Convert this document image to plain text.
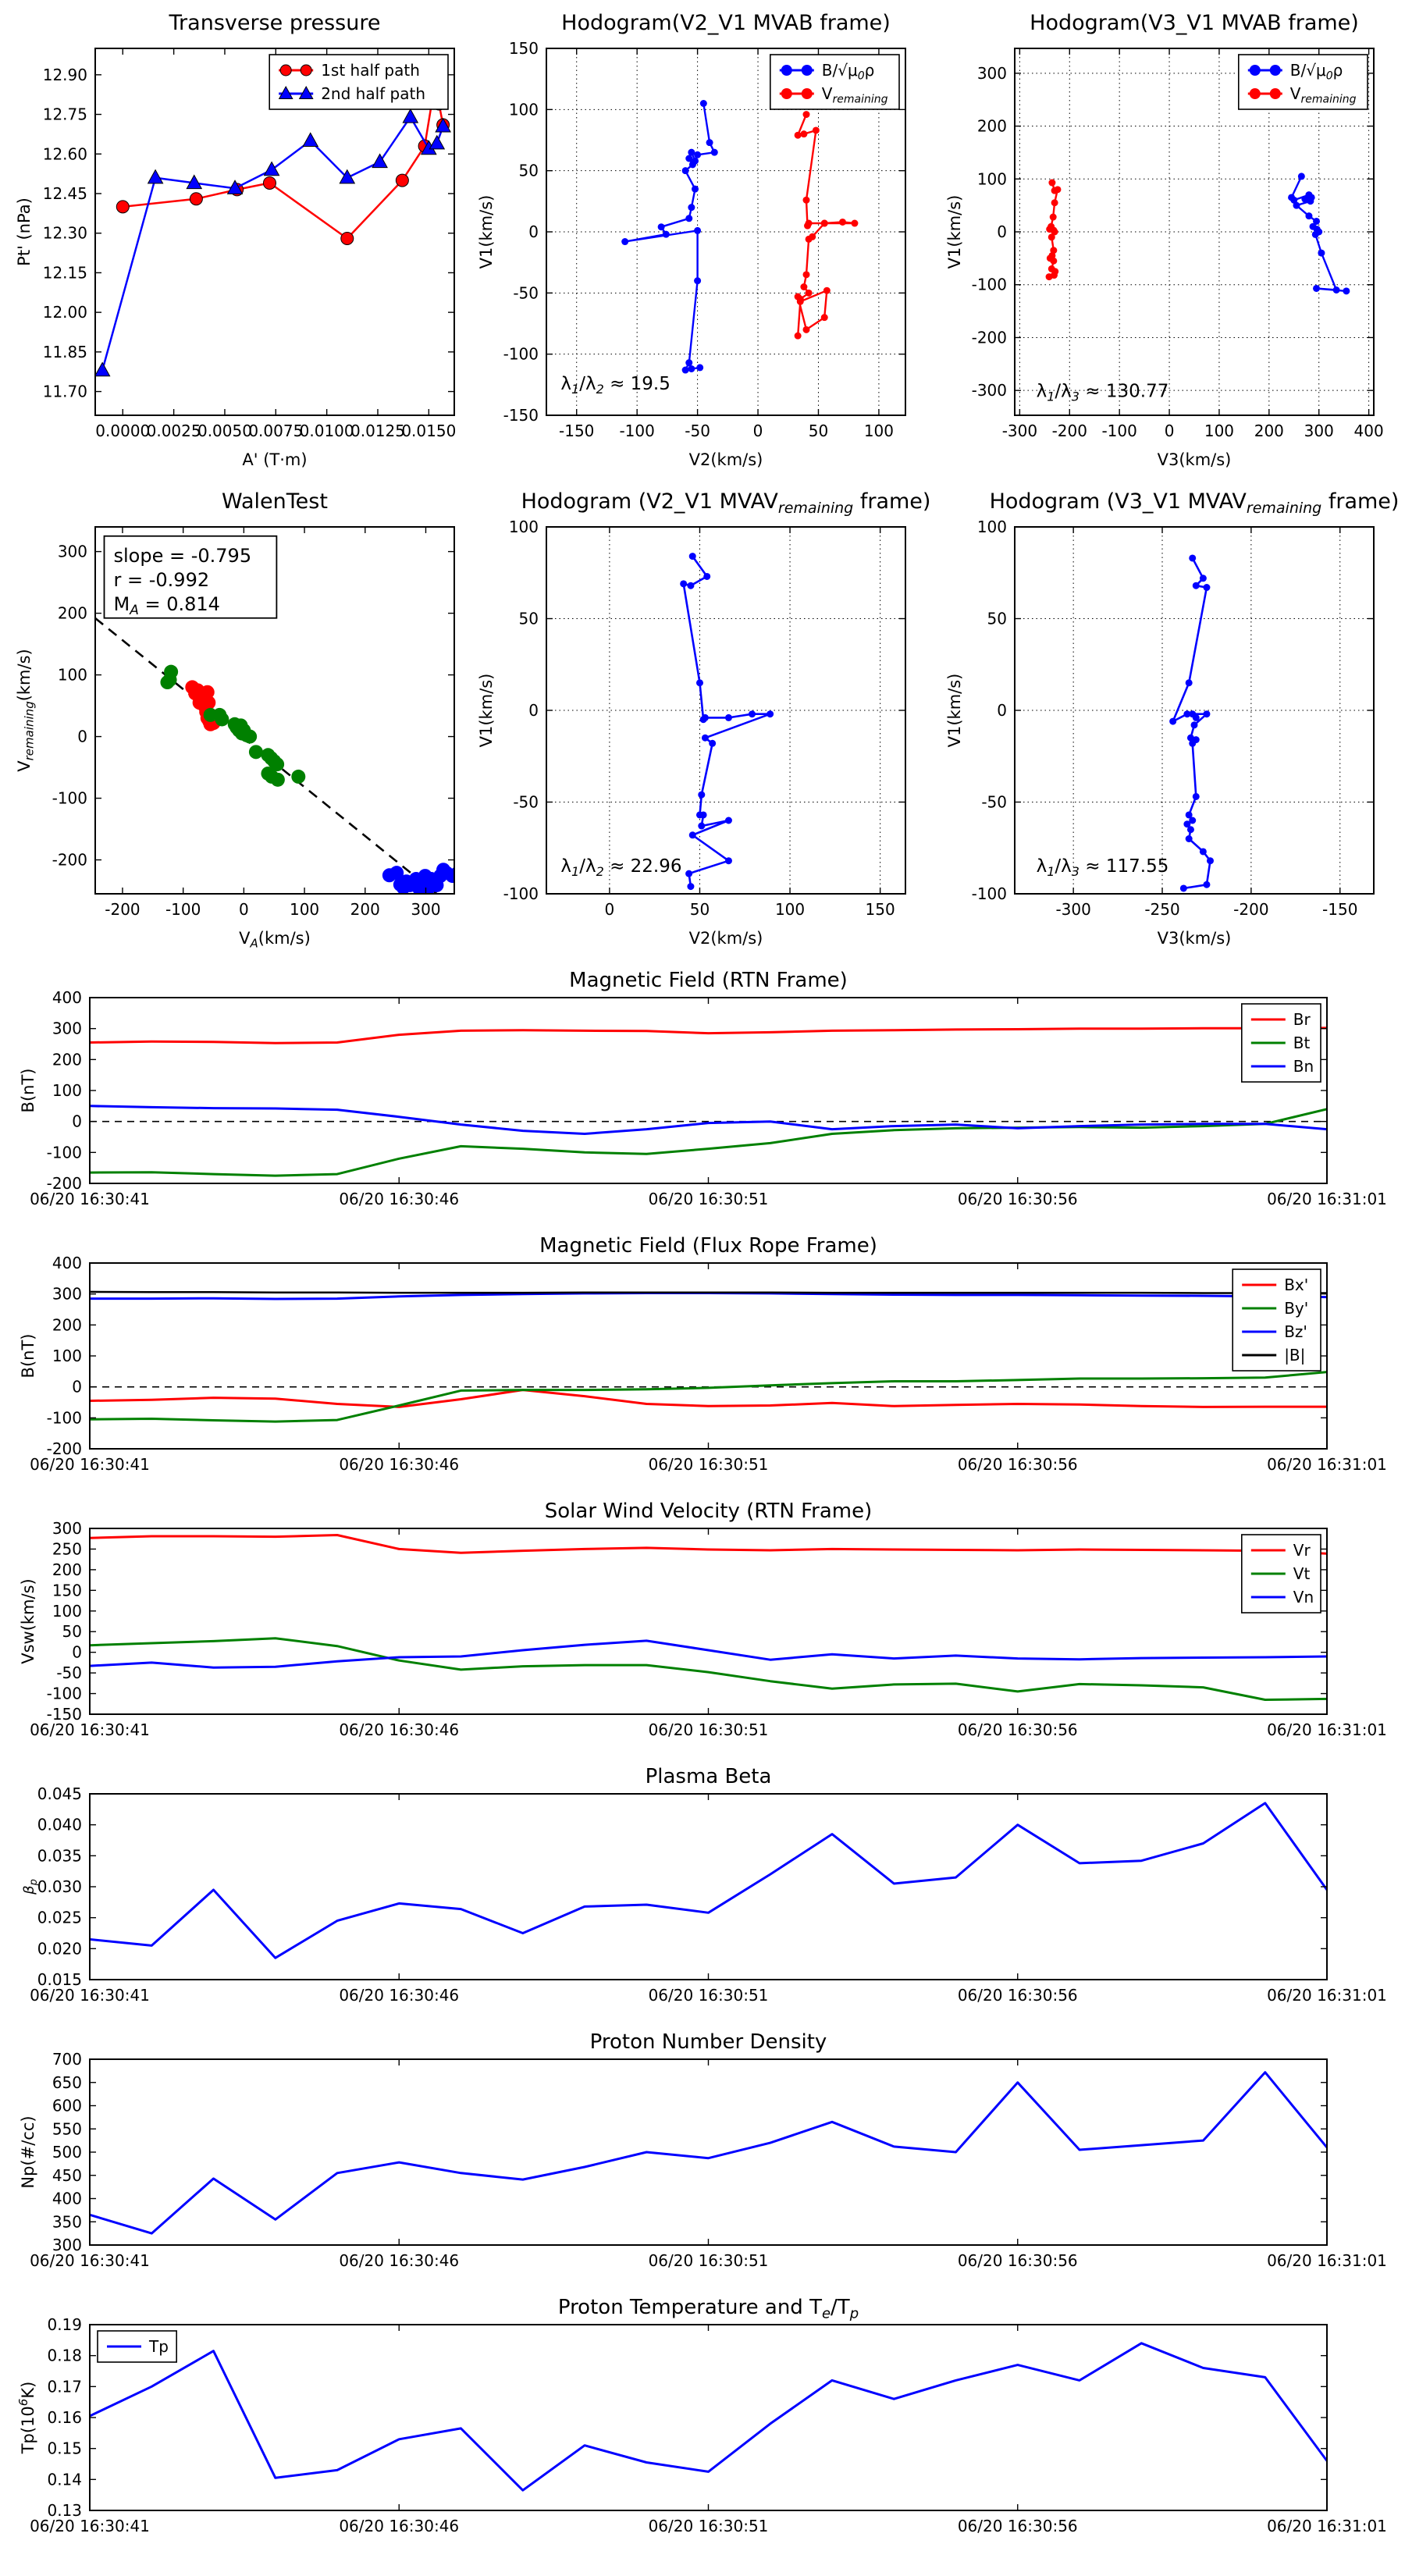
0.0000
0.0025
0.0050
0.0075
0.0100
0.0125
0.0150
11.70
11.85
12.00
12.15
12.30
12.45
12.60
12.75
12.90
Transverse pressure
A' (T·m)
Pt' (nPa)
1st half path
2nd half path
-150 -100 -50	0	50 100
-150
-100
-50
0
50
100
150
Hodogram(V2_V1 MVAB frame)
V2(km/s)
V1(km/s)
$B/√\mu_0\rho$
$V_{remaining}$
$\lambda_1/\lambda_2 \approx 19.5$
-300 -200 -100 0 100 200 300 400
-300
-200
-100
0
100
200
300
Hodogram(V3_V1 MVAB frame)
V3(km/s)
V1(km/s)
$B/√\mu_0\rho$
$V_{remaining}$
$\lambda_1/\lambda_3 \approx 130.77$
-200 -100 0	100 200 300
-200
-100
0
100
200
300
WalenTest
$V_A(km/s)$
$V_{remaining}(km/s)$
slope = -0.795
r = -0.992
$M_A = 0.814$
0	50	100	150
-100
-50
0
50
100
Hodogram (V2_V1 $MVAV_{remaining}$ frame)
V2(km/s)
V1(km/s)
$\lambda_1/\lambda_2 \approx 22.96$
-300	-250	-200	-150
-100
-50
0
50
100
Hodogram (V3_V1 $MVAV_{remaining}$ frame)
V3(km/s)
V1(km/s)
$\lambda_1/\lambda_3 \approx 117.55$
06/20 16:30:41	06/20 16:30:46	06/20 16:30:51	06/20 16:30:56	06/20 16:31:01
-200
-100
0
100
200
300
400
Magnetic Field (RTN Frame)
B(nT)
Br
Bt
Bn
06/20 16:30:41	06/20 16:30:46	06/20 16:30:51	06/20 16:30:56	06/20 16:31:01
-200
-100
0
100
200
300
400
Magnetic Field (Flux Rope Frame)
B(nT)
Bx'
By'
Bz'
|B|
06/20 16:30:41	06/20 16:30:46	06/20 16:30:51	06/20 16:30:56	06/20 16:31:01
-150
-100
-50
0
50
100
150
200
250
300
Solar Wind Velocity (RTN Frame)
Vsw(km/s)
Vr
Vt
Vn
06/20 16:30:41	06/20 16:30:46	06/20 16:30:51	06/20 16:30:56	06/20 16:31:01
0.015
0.020
0.025
0.030
0.035
0.040
0.045
Plasma Beta
$\beta_p$
06/20 16:30:41	06/20 16:30:46	06/20 16:30:51	06/20 16:30:56	06/20 16:31:01
300
350
400
450
500
550
600
650
700
Proton Number Density
Np(#/cc)
06/20 16:30:41	06/20 16:30:46	06/20 16:30:51	06/20 16:30:56	06/20 16:31:01
0.13
0.14
0.15
0.16
0.17
0.18
0.19
Proton Temperature and $T_e/T_p$
$Tp(10^6K)$
Tp
